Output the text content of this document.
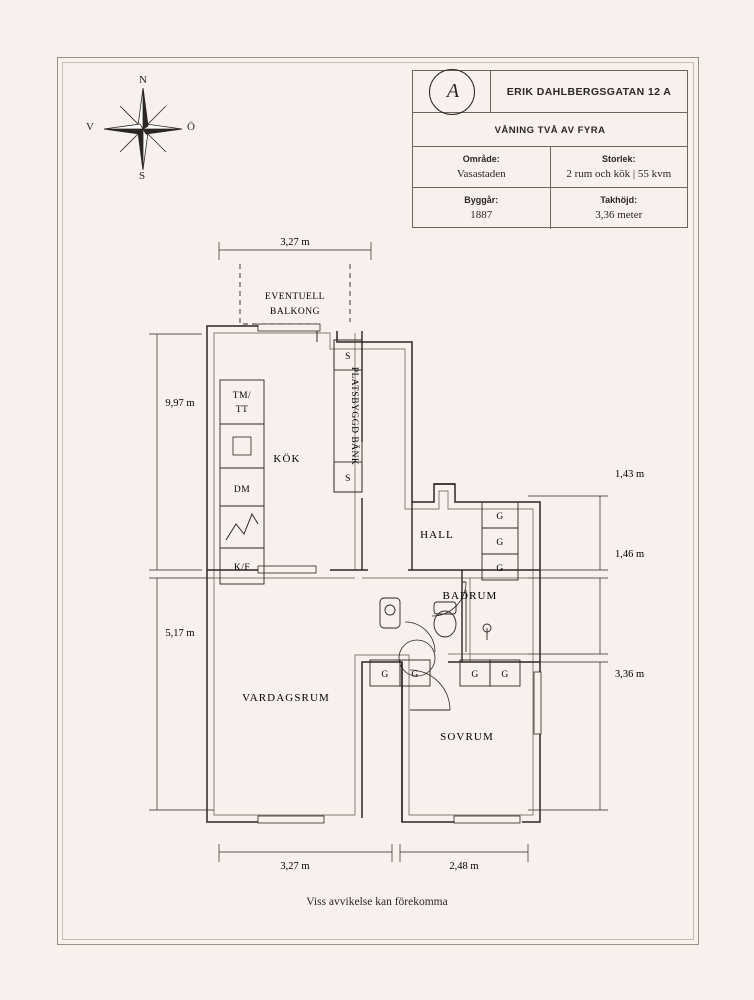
A	ERIK DAHLBERGSGATAN 12 A
VÅNING TVÅ AV FYRA
Område:
Vasastaden
Storlek:
2 rum och kök | 55 kvm
Byggår:
1887
Takhöjd:
3,36 meter
N
S
V	Ö
KÖK
HALL
BADRUM
VARDAGSRUM
SOVRUM
EVENTUELL
BALKONG
PLATSBYGGD BÄNK
TM/
TT
DM
K/F
S
S
G
G
G
G G	G G
3,27 m
9,97 m
5,17 m
1,43 m
1,46 m
3,36 m
3,27 m	2,48 m
Viss avvikelse kan förekomma
